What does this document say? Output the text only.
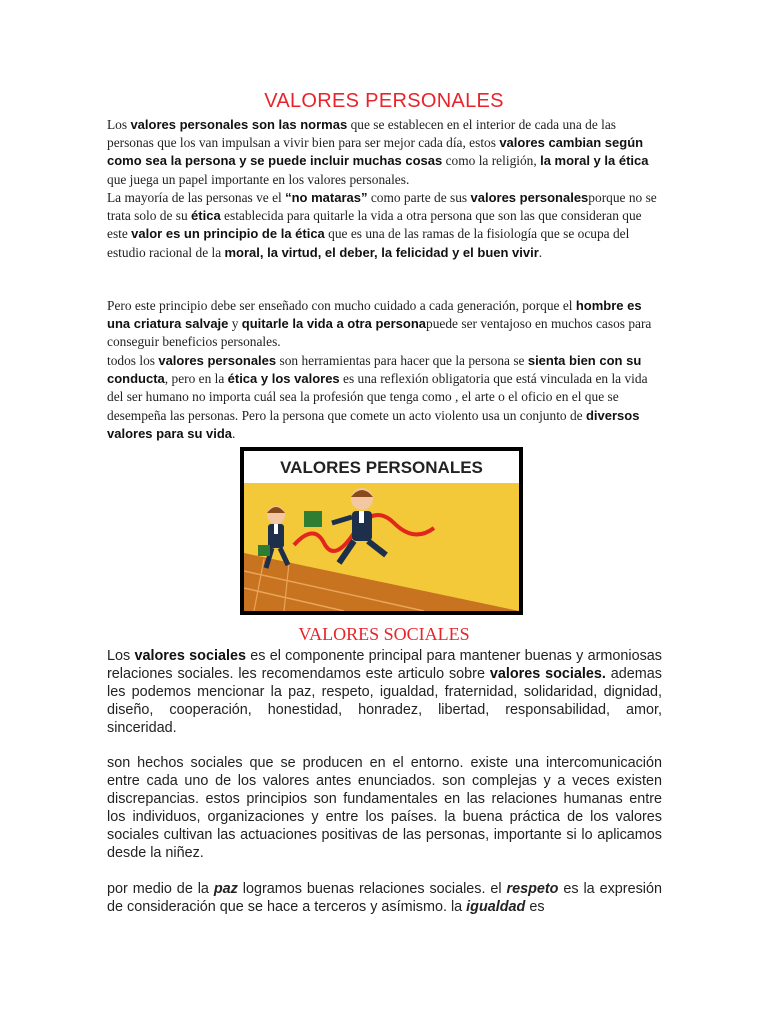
VALORES PERSONALES
Los valores personales son las normas que se establecen en el interior de cada una de las personas que los van impulsan a vivir bien para ser mejor cada día, estos valores cambian según como sea la persona y se puede incluir muchas cosas como la religión, la moral y la ética que juega un papel importante en los valores personales.
La mayoría de las personas ve el “no mataras” como parte de sus valores personalesporque no se trata solo de su ética establecida para quitarle la vida a otra persona que son las que consideran que este valor es un principio de la ética que es una de las ramas de la fisiología que se ocupa del estudio racional de la moral, la virtud, el deber, la felicidad y el buen vivir.
Pero este principio debe ser enseñado con mucho cuidado a cada generación, porque el hombre es una criatura salvaje y quitarle la vida a otra personapuede ser ventajoso en muchos casos para conseguir beneficios personales.
todos los valores personales son herramientas para hacer que la persona se sienta bien con su conducta, pero en la ética y los valores es una reflexión obligatoria que está vinculada en la vida del ser humano no importa cuál sea la profesión que tenga como , el arte o el oficio en el que se desempeña las personas. Pero la persona que comete un acto violento usa un conjunto de diversos valores para su vida.
VALORES PERSONALES
VALORES SOCIALES
Los valores sociales es el componente principal para mantener buenas y armoniosas relaciones sociales. les recomendamos este articulo sobre valores sociales. ademas les podemos mencionar la paz, respeto, igualdad, fraternidad, solidaridad, dignidad, diseño, cooperación, honestidad, honradez, libertad, responsabilidad, amor, sinceridad.
son hechos sociales que se producen en el entorno. existe una intercomunicación entre cada uno de los valores antes enunciados. son complejas y a veces existen discrepancias. estos principios son fundamentales en las relaciones humanas entre los individuos, organizaciones y entre los países. la buena práctica de los valores sociales cultivan las actuaciones positivas de las personas, importante si lo aplicamos desde la niñez.
por medio de la paz logramos buenas relaciones sociales. el respeto es la expresión de consideración que se hace a terceros y asímismo. la igualdad es
